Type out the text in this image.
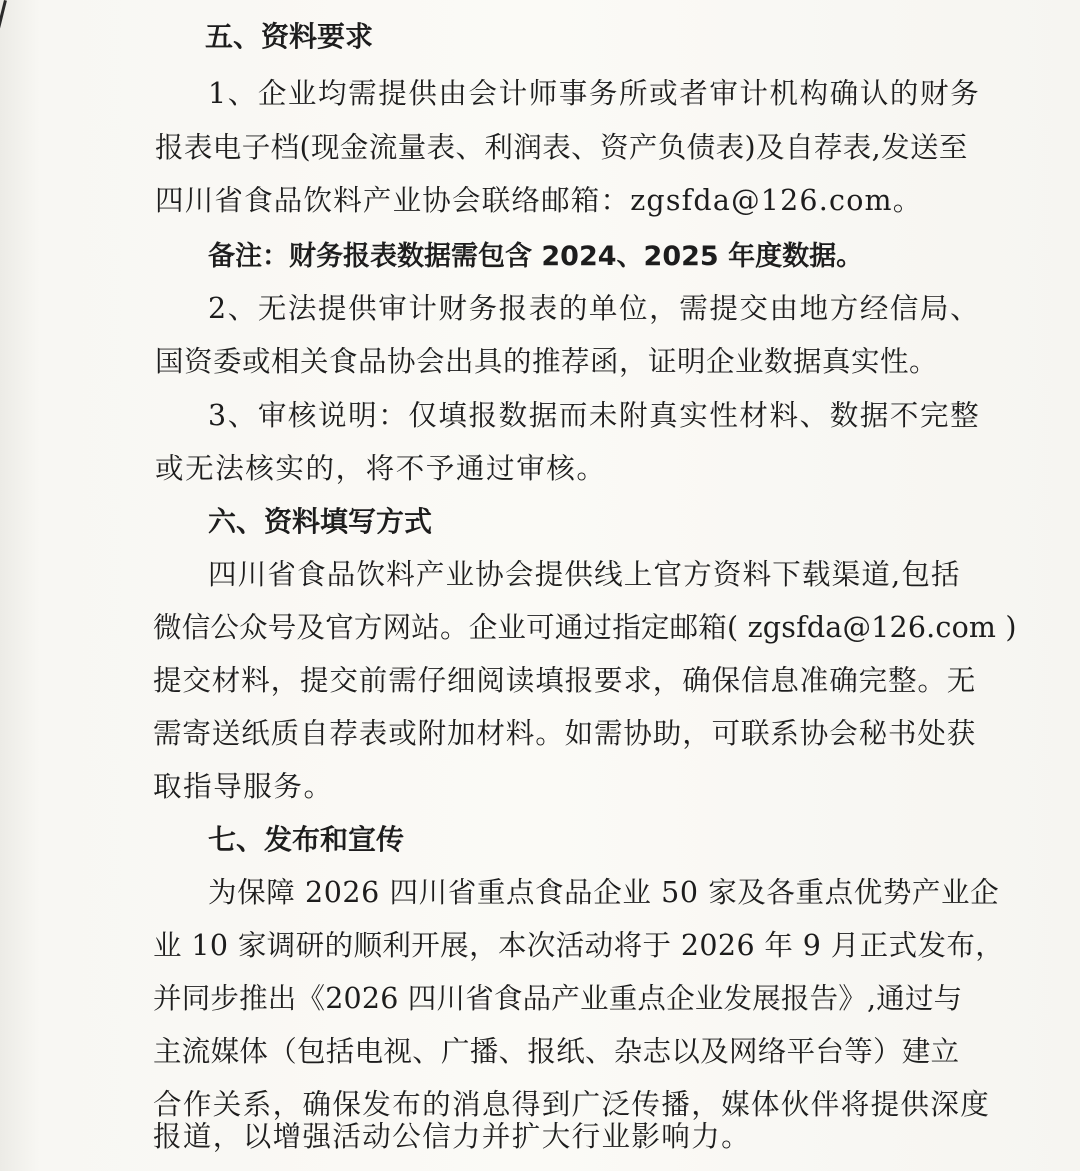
五、资料要求
1、企业均需提供由会计师事务所或者审计机构确认的财务
报表电子档(现金流量表、利润表、资产负债表)及自荐表,发送至
四川省食品饮料产业协会联络邮箱：zgsfda@126.com。
备注：财务报表数据需包含 2024、2025 年度数据。
2、无法提供审计财务报表的单位，需提交由地方经信局、
国资委或相关食品协会出具的推荐函，证明企业数据真实性。
3、审核说明：仅填报数据而未附真实性材料、数据不完整
或无法核实的，将不予通过审核。
六、资料填写方式
四川省食品饮料产业协会提供线上官方资料下载渠道,包括
微信公众号及官方网站。企业可通过指定邮箱( zgsfda@126.com )
提交材料，提交前需仔细阅读填报要求，确保信息准确完整。无
需寄送纸质自荐表或附加材料。如需协助，可联系协会秘书处获
取指导服务。
七、发布和宣传
为保障 2026 四川省重点食品企业 50 家及各重点优势产业企
业 10 家调研的顺利开展，本次活动将于 2026 年 9 月正式发布，
并同步推出《2026 四川省食品产业重点企业发展报告》,通过与
主流媒体（包括电视、广播、报纸、杂志以及网络平台等）建立
合作关系，确保发布的消息得到广泛传播，媒体伙伴将提供深度
报道，以增强活动公信力并扩大行业影响力。
